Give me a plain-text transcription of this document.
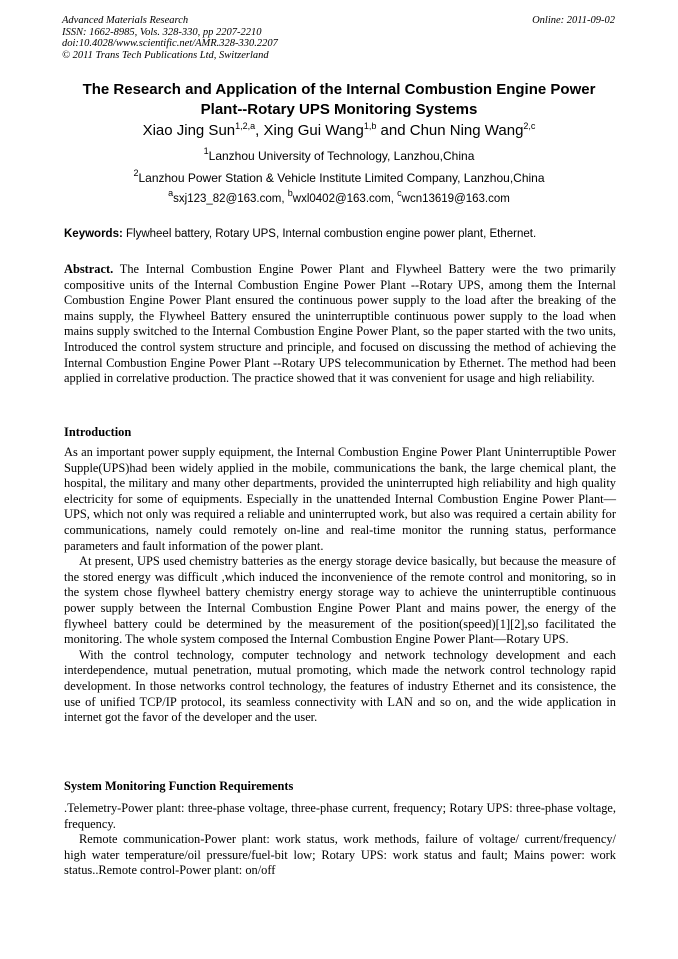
Advanced Materials Research
ISSN: 1662-8985, Vols. 328-330, pp 2207-2210
doi:10.4028/www.scientific.net/AMR.328-330.2207
© 2011 Trans Tech Publications Ltd, Switzerland
Online: 2011-09-02
The Research and Application of the Internal Combustion Engine Power
Plant--Rotary UPS Monitoring Systems
Xiao Jing Sun$^{1,2,a}$, Xing Gui Wang$^{1,b}$ and Chun Ning Wang$^{2,c}$
$^1$Lanzhou University of Technology, Lanzhou,China
$^2$Lanzhou Power Station & Vehicle Institute Limited Company, Lanzhou,China
$^a$sxj123_82@163.com, $^b$wxl0402@163.com, $^c$wcn13619@163.com
Keywords: Flywheel battery, Rotary UPS, Internal combustion engine power plant, Ethernet.

Abstract. The Internal Combustion Engine Power Plant and Flywheel Battery were the two primarily compositive units of the Internal Combustion Engine Power Plant --Rotary UPS, among them the Internal Combustion Engine Power Plant ensured the continuous power supply to the load after the breaking of the mains supply, the Flywheel Battery ensured the uninterruptible continuous power supply to the load when mains supply switched to the Internal Combustion Engine Power Plant, so the paper started with the two units, Introduced the control system structure and principle, and focused on discussing the method of achieving the Internal Combustion Engine Power Plant --Rotary UPS telecommunication by Ethernet. The method had been applied in correlative production. The practice showed that it was convenient for usage and high reliability.

Introduction

As an important power supply equipment, the Internal Combustion Engine Power Plant Uninterruptible Power Supple(UPS)had been widely applied in the mobile, communications the bank, the large chemical plant, the hospital, the military and many other departments, provided the uninterrupted high reliability and high quality electricity for some of equipments. Especially in the unattended Internal Combustion Engine Power Plant—UPS, which not only was required a reliable and uninterrupted work, but also was required a certain ability for communications, namely could remotely on-line and real-time monitor the running status, performance parameters and fault information of the power plant.

At present, UPS used chemistry batteries as the energy storage device basically, but because the measure of the stored energy was difficult ,which induced the inconvenience of the remote control and monitoring, so in the system chose flywheel battery chemistry energy storage way to achieve the uninterruptible continuous power supply between the Internal Combustion Engine Power Plant and mains power, the energy of the flywheel battery could be determined by the measurement of the position(speed)[1][2],so facilitated the monitoring. The whole system composed the Internal Combustion Engine Power Plant—Rotary UPS.

With the control technology, computer technology and network technology development and each interdependence, mutual penetration, mutual promoting, which made the network control technology rapid development. In those networks control technology, the features of industry Ethernet and its consistence, the use of unified TCP/IP protocol, its seamless connectivity with LAN and so on, and the wide application in internet got the favor of the developer and the user.

System Monitoring Function Requirements

.Telemetry-Power plant: three-phase voltage, three-phase current, frequency; Rotary UPS: three-phase voltage, frequency.

Remote communication-Power plant: work status, work methods, failure of voltage/ current/frequency/ high water temperature/oil pressure/fuel-bit low; Rotary UPS: work status and fault; Mains power: work status..Remote control-Power plant: on/off
